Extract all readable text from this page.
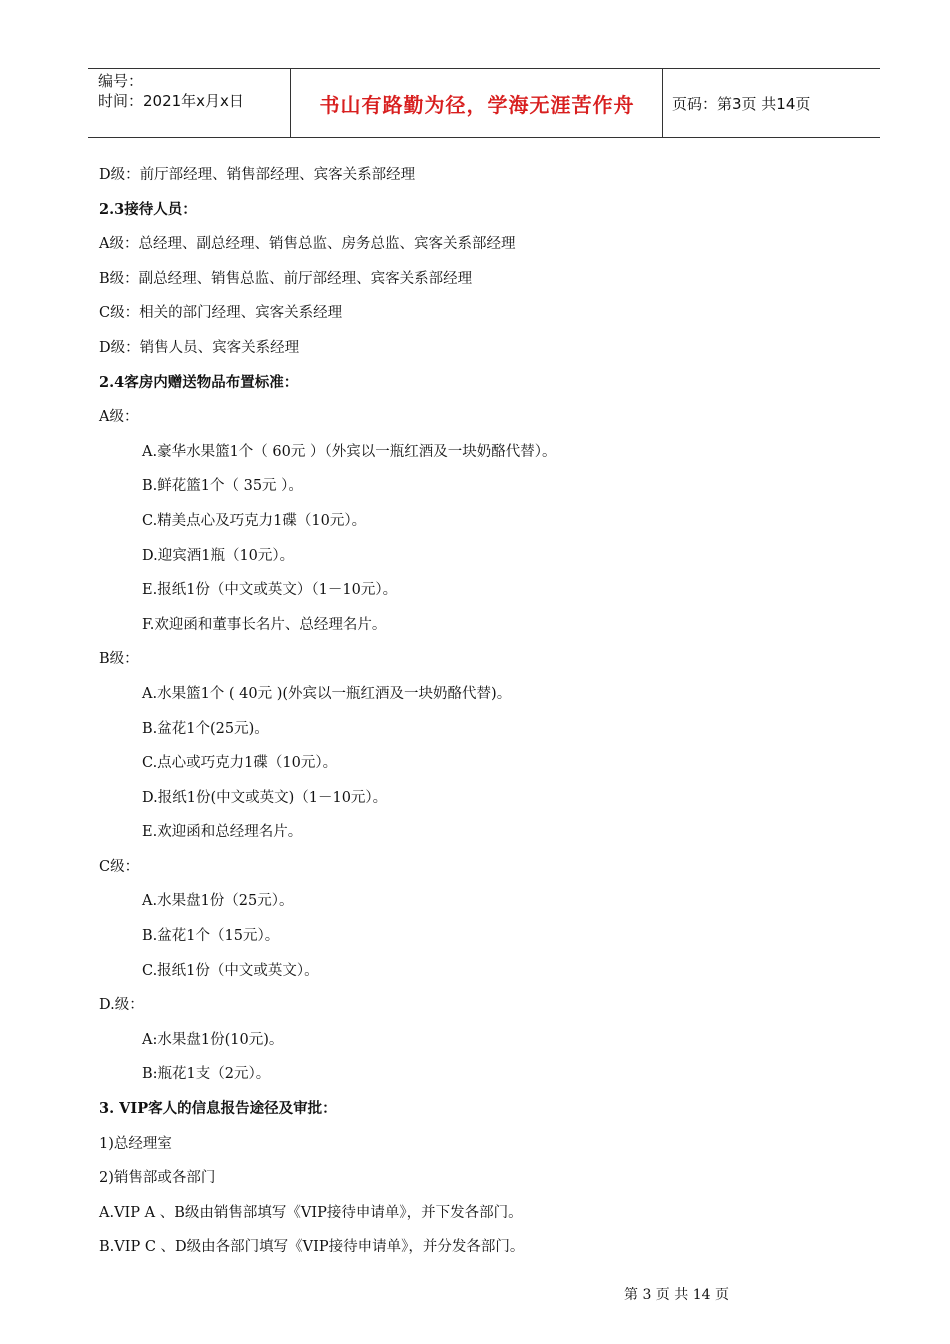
编号：
时间：2021年x月x日	书山有路勤为径，学海无涯苦作舟	页码：第3页 共14页
D级：前厅部经理、销售部经理、宾客关系部经理
2.3接待人员：
A级：总经理、副总经理、销售总监、房务总监、宾客关系部经理
B级：副总经理、销售总监、前厅部经理、宾客关系部经理
C级：相关的部门经理、宾客关系经理
D级：销售人员、宾客关系经理
2.4客房内赠送物品布置标准：
A级：
A.豪华水果篮1个（ 60元 ）（外宾以一瓶红酒及一块奶酪代替）。
B.鲜花篮1个（ 35元 ）。
C.精美点心及巧克力1碟（10元）。
D.迎宾酒1瓶（10元）。
E.报纸1份（中文或英文）（1－10元）。
F.欢迎函和董事长名片、总经理名片。
B级：
A.水果篮1个 ( 40元 )(外宾以一瓶红酒及一块奶酪代替)。
B.盆花1个(25元)。
C.点心或巧克力1碟（10元）。
D.报纸1份(中文或英文)（1－10元）。
E.欢迎函和总经理名片。
C级：
A.水果盘1份（25元）。
B.盆花1个（15元）。
C.报纸1份（中文或英文）。
D.级：
A:水果盘1份(10元)。
B:瓶花1支（2元）。
3. VIP客人的信息报告途径及审批：
1)总经理室
2)销售部或各部门
A.VIP A 、B级由销售部填写《VIP接待申请单》，并下发各部门。
B.VIP C 、D级由各部门填写《VIP接待申请单》，并分发各部门。
第 3 页 共 14 页
